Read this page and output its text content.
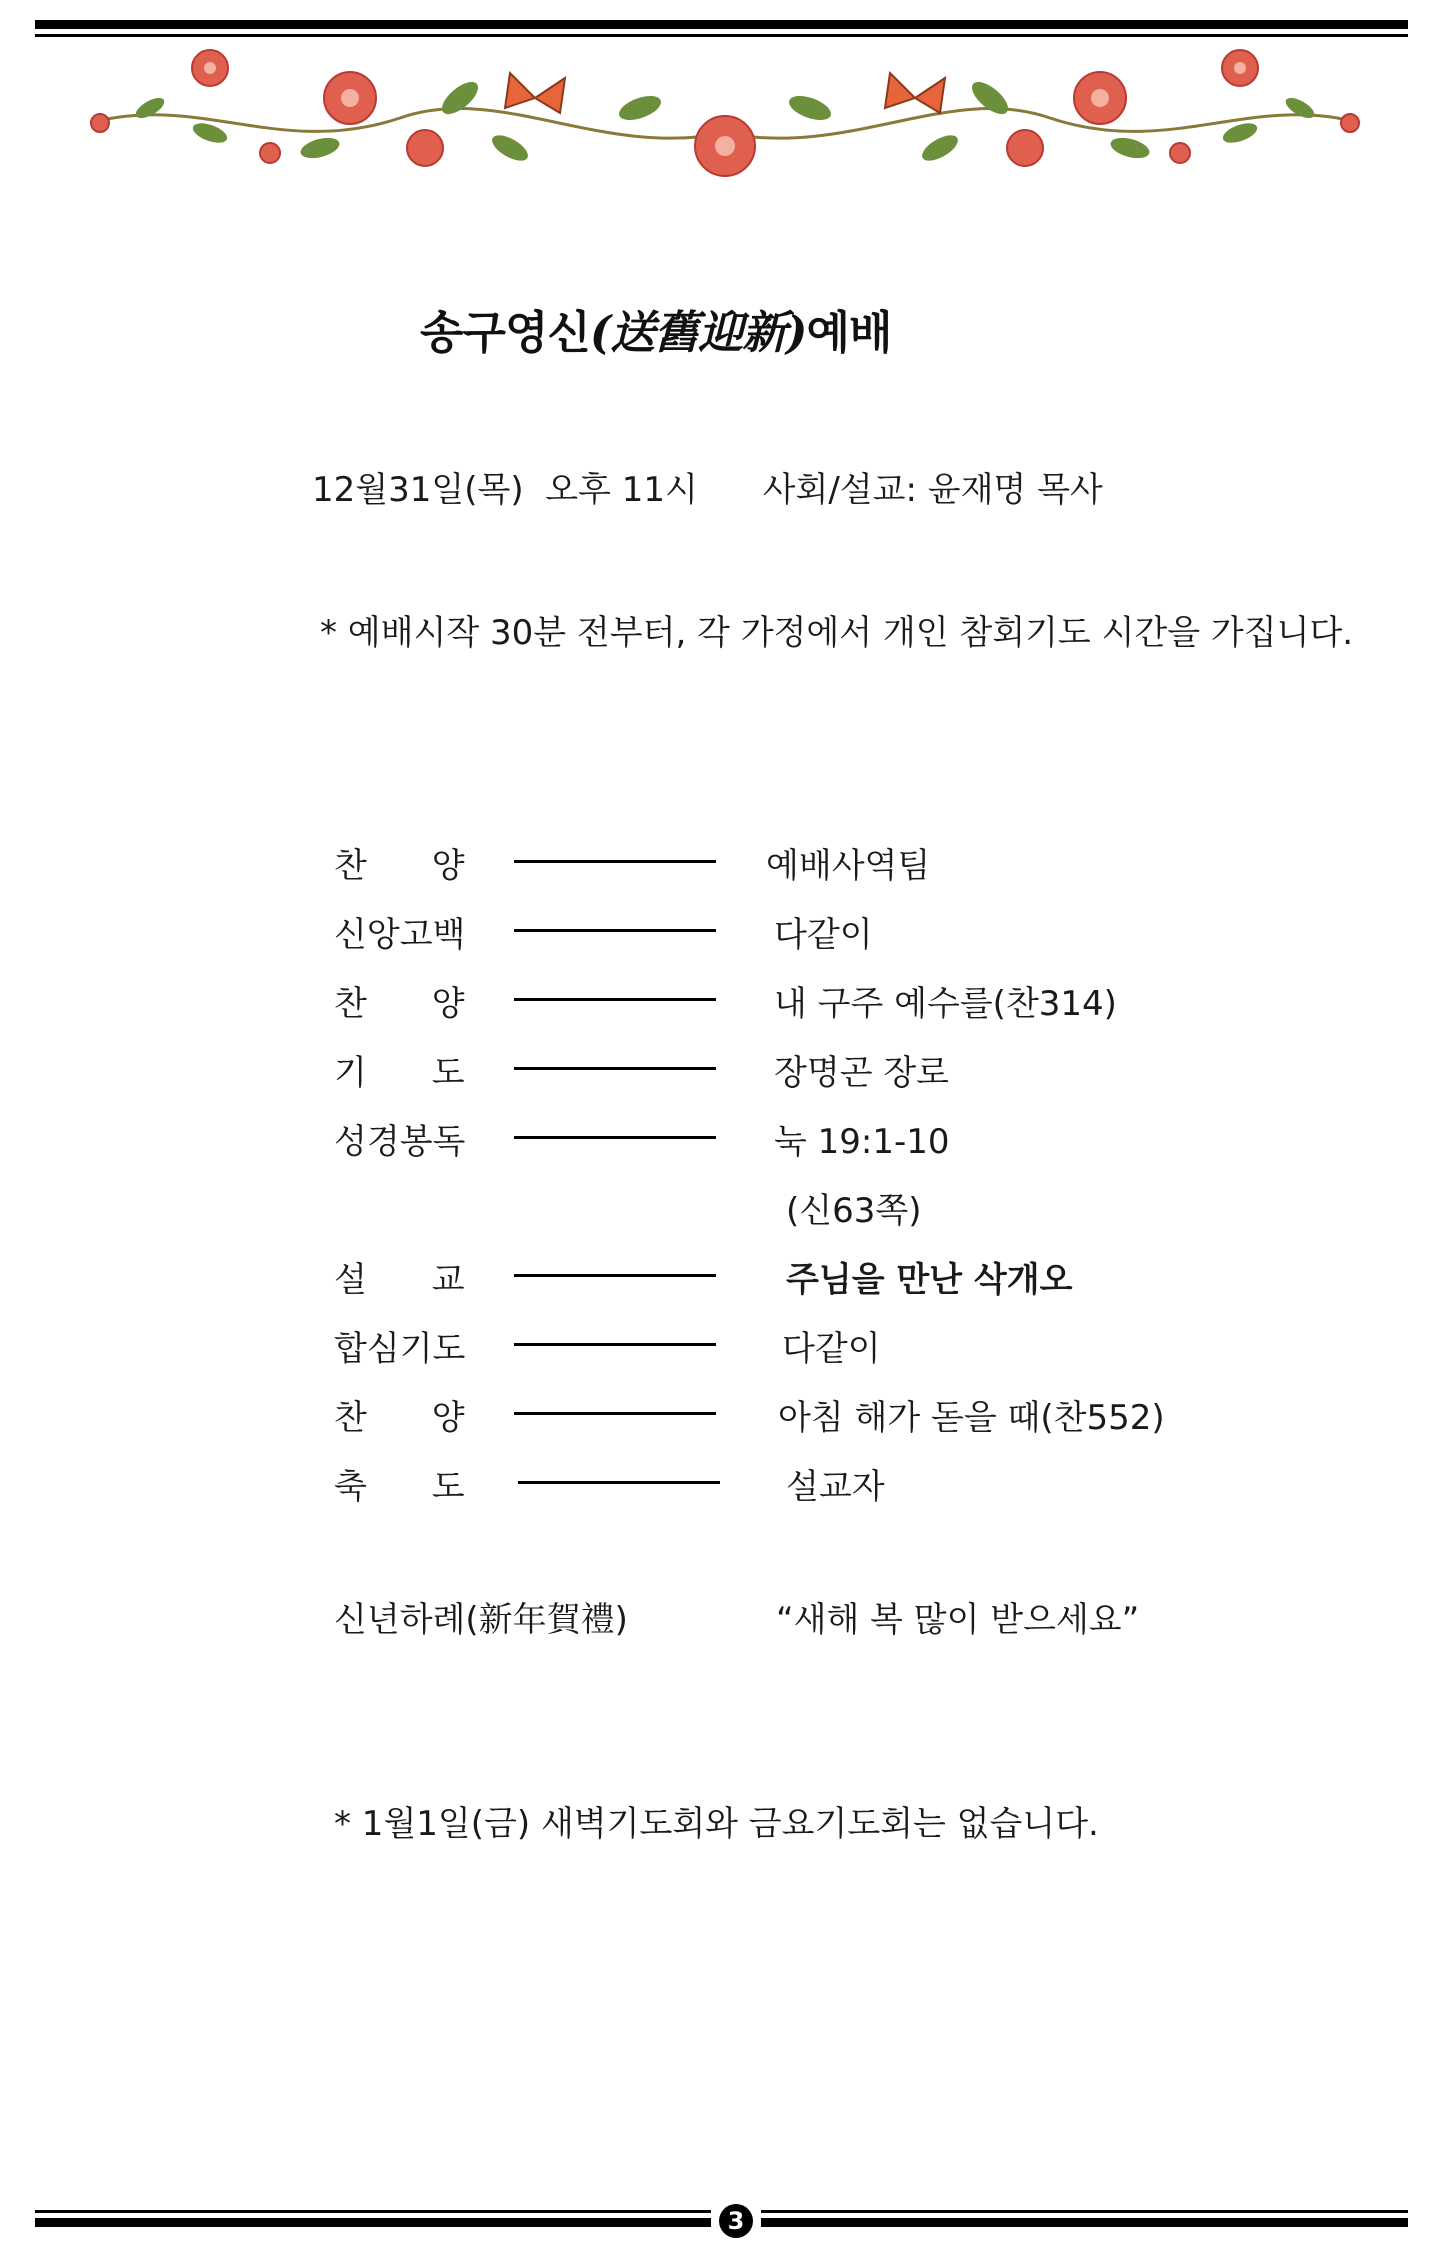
송구영신(送舊迎新)예배
12월31일(목)  오후 11시      사회/설교: 윤재명 목사
* 예배시작 30분 전부터, 각 가정에서 개인 참회기도 시간을 가집니다.
찬      양	예배사역팀
신앙고백	다같이
찬      양	내 구주 예수를(찬314)
기      도	장명곤 장로
성경봉독	눅 19:1-10
(신63쪽)
설      교	주님을 만난 삭개오
합심기도	다같이
찬      양	아침 해가 돋을 때(찬552)
축      도	설교자
신년하례(新年賀禮)	“새해 복 많이 받으세요”
* 1월1일(금) 새벽기도회와 금요기도회는 없습니다.
3
